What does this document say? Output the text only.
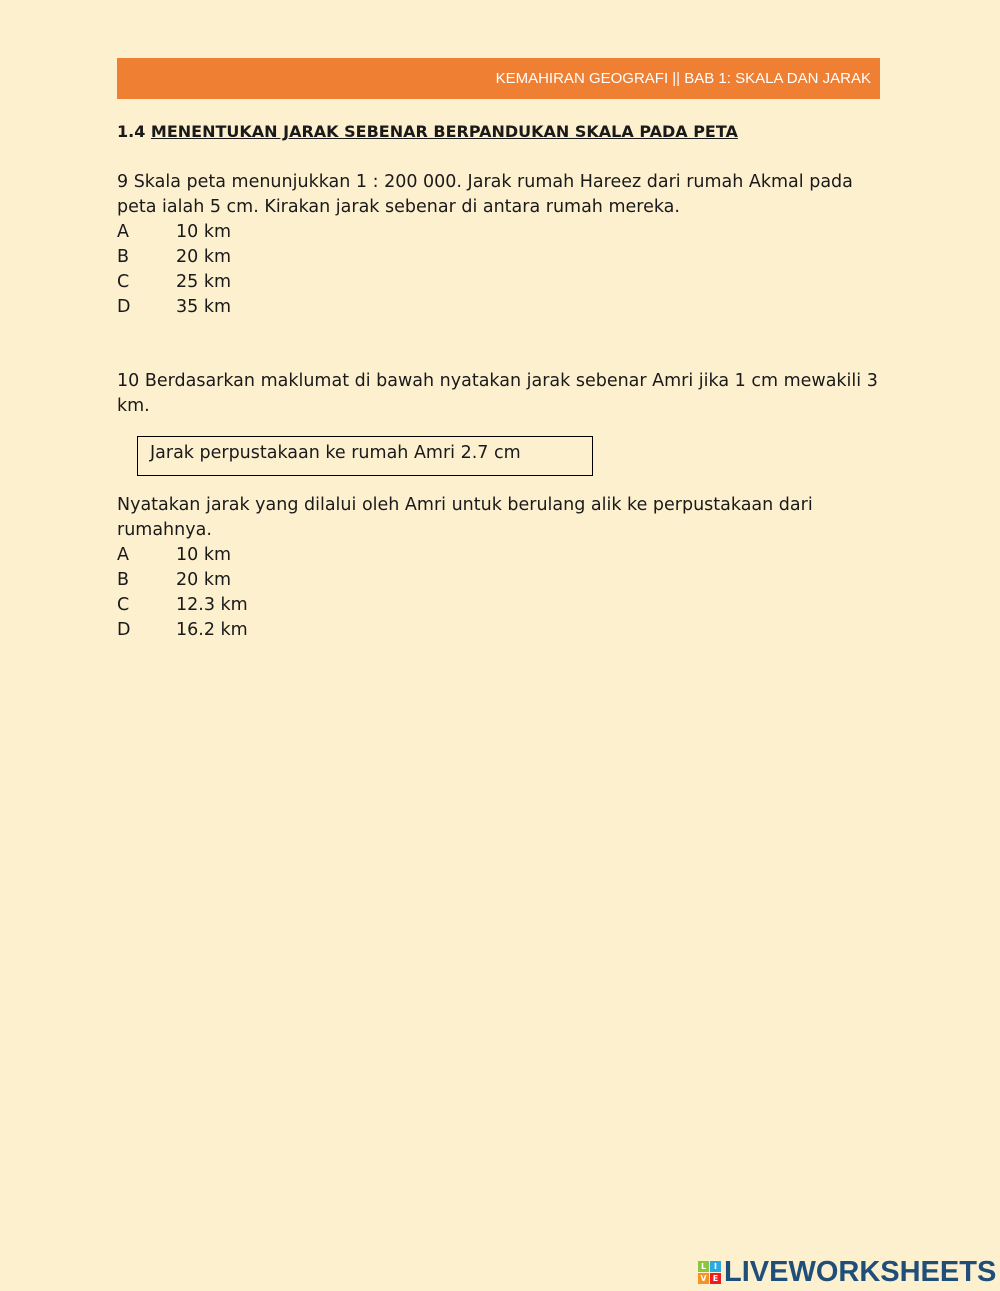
KEMAHIRAN GEOGRAFI || BAB 1: SKALA DAN JARAK
1.4 MENENTUKAN JARAK SEBENAR BERPANDUKAN SKALA PADA PETA
9 Skala peta menunjukkan 1 : 200 000. Jarak rumah Hareez dari rumah Akmal pada peta ialah 5 cm. Kirakan jarak sebenar di antara rumah mereka.
A	10 km
B	20 km
C	25 km
D	35 km
10 Berdasarkan maklumat di bawah nyatakan jarak sebenar Amri jika 1 cm mewakili 3 km.
Jarak perpustakaan ke rumah Amri 2.7 cm
Nyatakan jarak yang dilalui oleh Amri untuk berulang alik ke perpustakaan dari rumahnya.
A	10 km
B	20 km
C	12.3 km
D	16.2 km
L I
V E LIVEWORKSHEETS
